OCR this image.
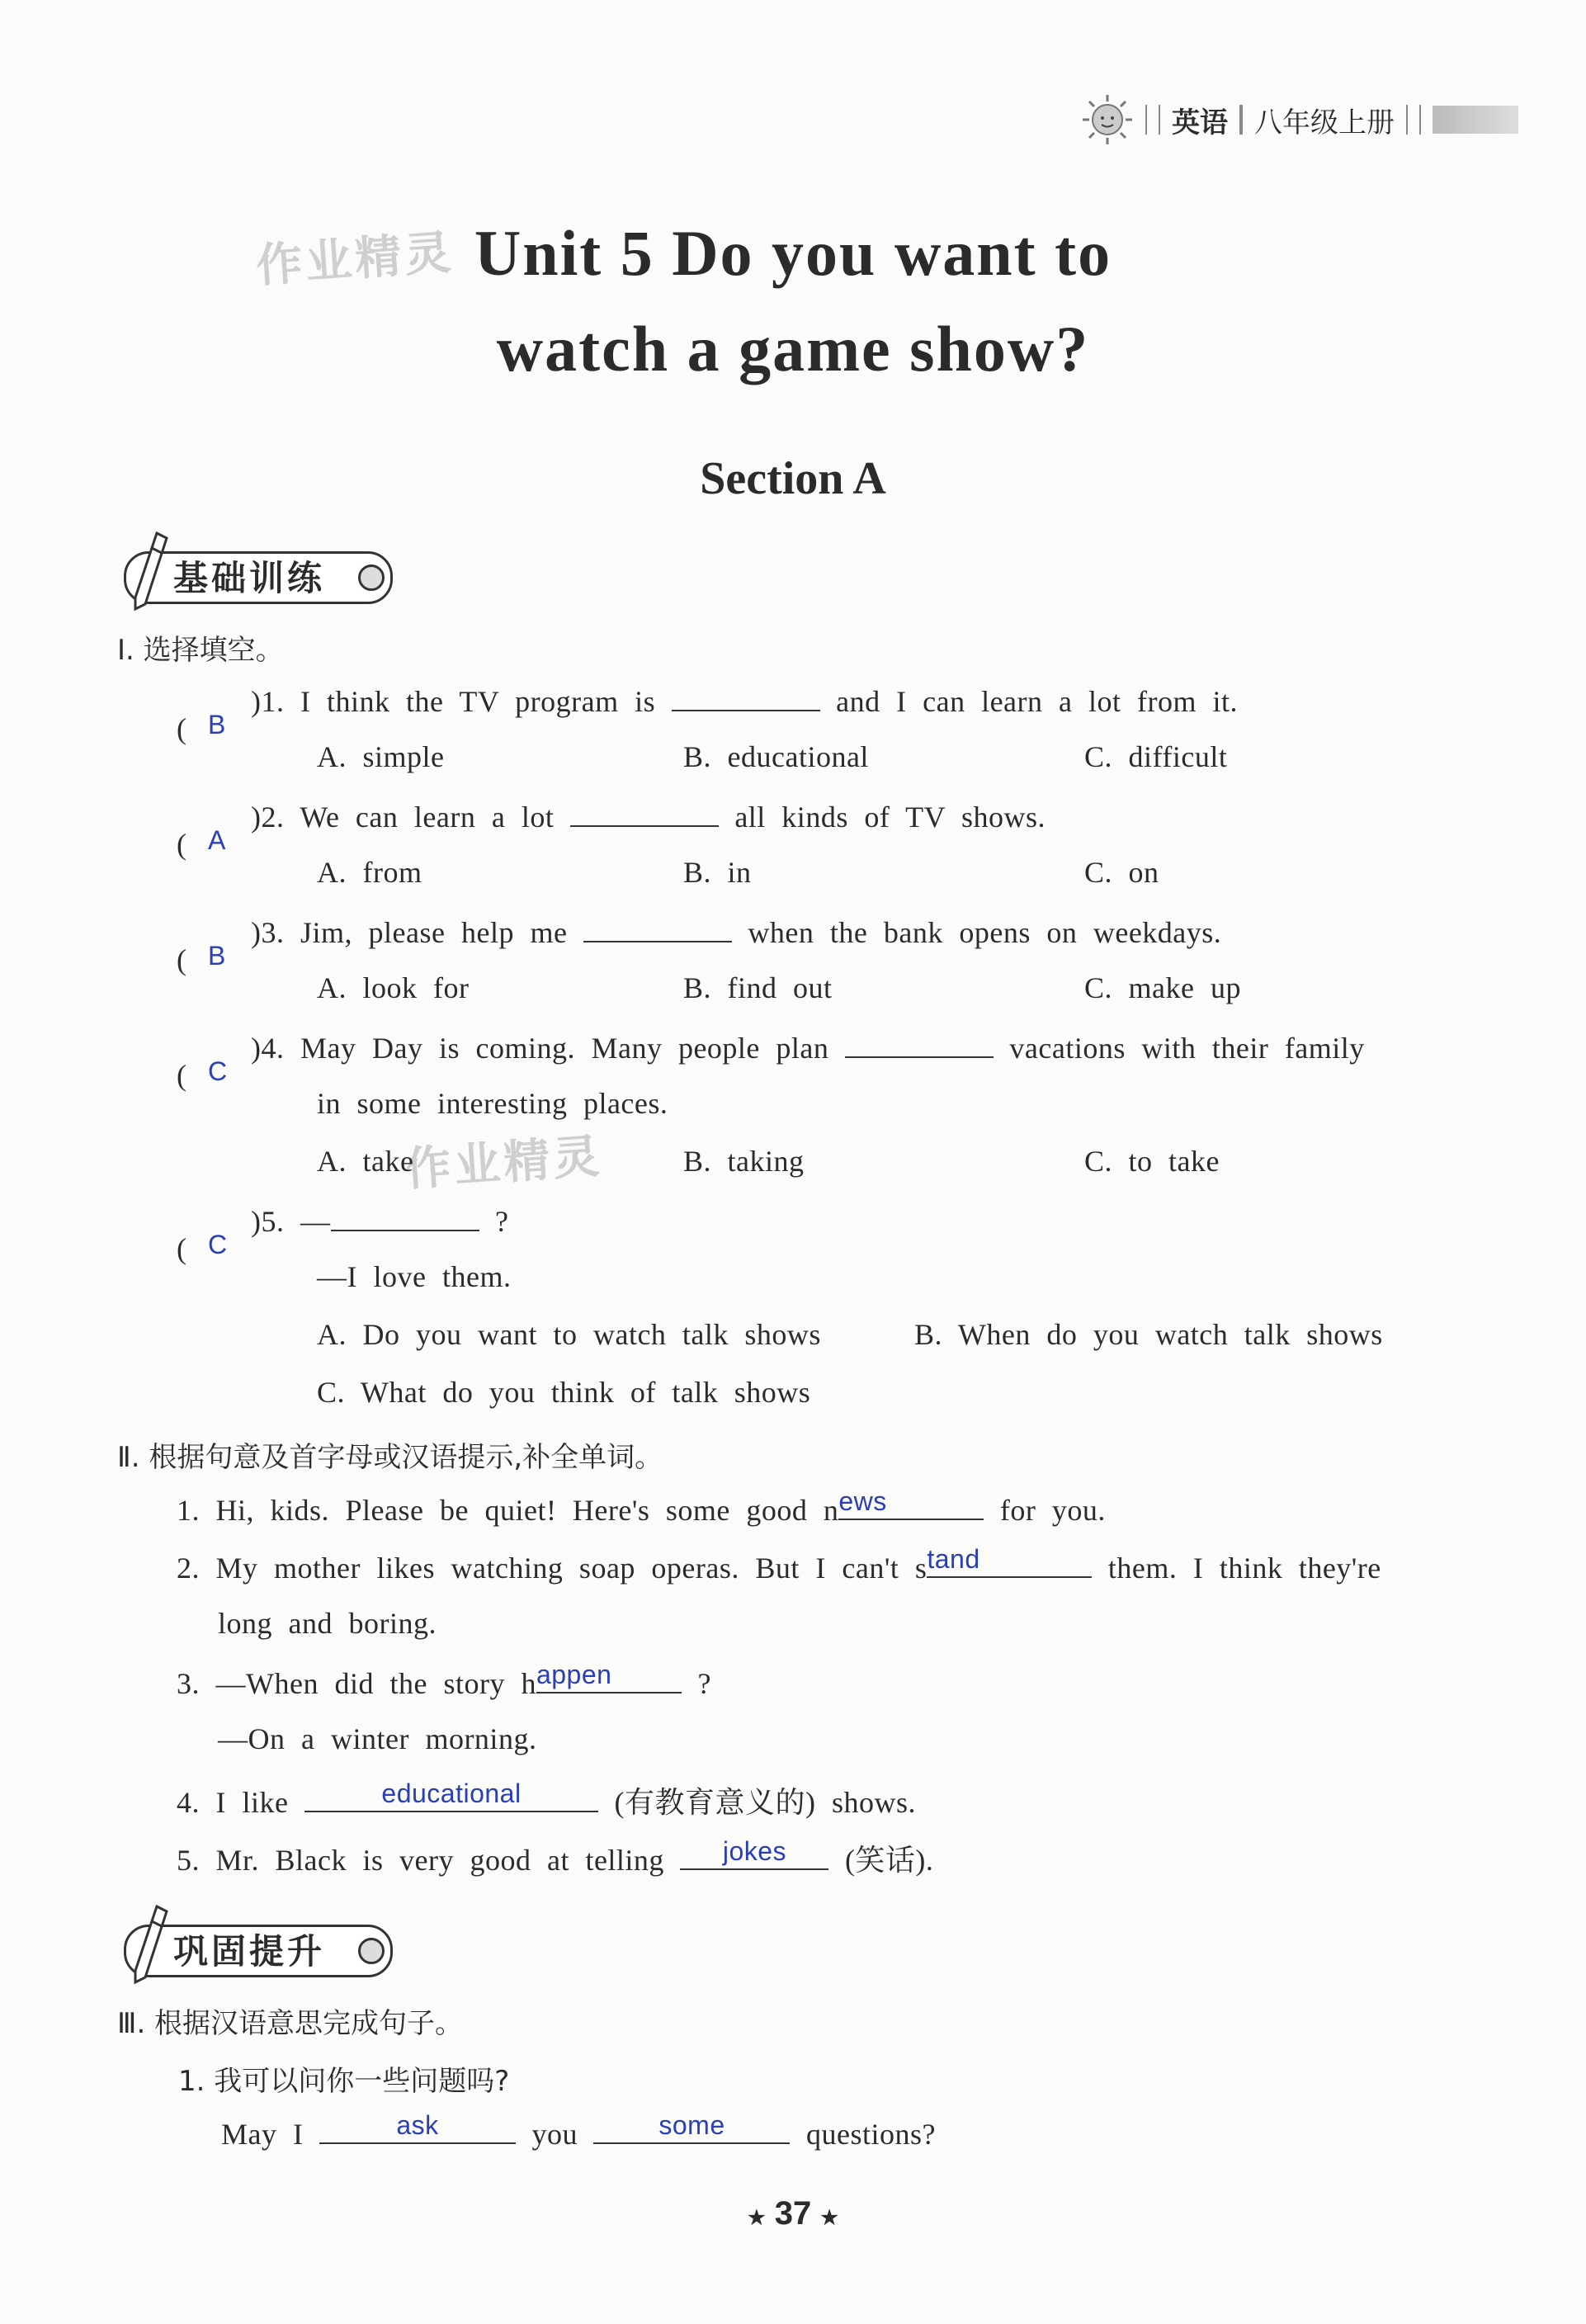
英语 八年级上册
作业精灵
作业精灵
Unit 5 Do you want to
watch a game show?
Section A
基础训练
Ⅰ. 选择填空。
( B
)1. I think the TV program is	and I can learn a lot from it.
A. simple	B. educational	C. difficult
( A
)2. We can learn a lot	all kinds of TV shows.
A. from	B. in	C. on
( B
)3. Jim, please help me	when the bank opens on weekdays.
A. look for	B. find out	C. make up
( C
)4. May Day is coming. Many people plan	vacations with their family
in some interesting places.
A. take	B. taking	C. to take
( C
)5. —	?
—I love them.
A. Do you want to watch talk shows	B. When do you watch talk shows
C. What do you think of talk shows
Ⅱ. 根据句意及首字母或汉语提示,补全单词。
1. Hi, kids. Please be quiet! Here's some good n ews	for you.
2. My mother likes watching soap operas. But I can't s tand	them. I think they're
long and boring.
3. —When did the story h appen	?
—On a winter morning.
4. I like	educational	(有教育意义的) shows.
5. Mr. Black is very good at telling	jokes	(笑话).
巩固提升
Ⅲ. 根据汉语意思完成句子。
1. 我可以问你一些问题吗?
May I	ask	you	some	questions?
★ 37 ★
